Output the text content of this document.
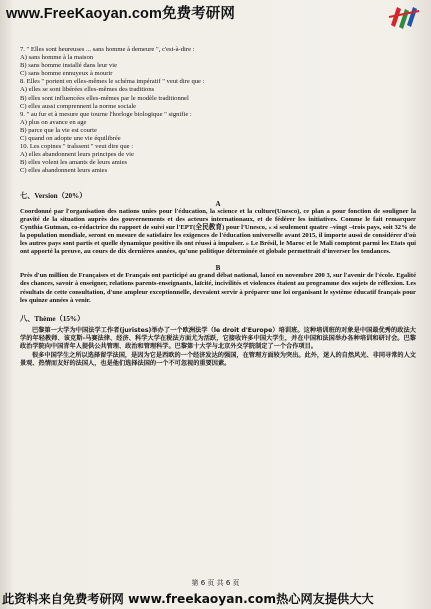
www.FreeKaoyan.com免费考研网

7. " Elles sont heureuses ... sans homme à demeure ", c'est-à-dire :

A) sans homme à la maison

B) sans homme installé dans leur vie

C) sans homme ennuyeux à mourir

8. Elles " portent en elles-mêmes le schéma impératif " veut dire que :

A) elles se sont libérées elles-mêmes des traditions

B) elles sont influencées elles-mêmes par le modèle traditionnel

C) elles aussi comprennent la norme sociale

9. " au fur et à mesure que tourne l'horloge biologique " signifie :

A) plus on avance en age

B) parce que la vie est courte

C) quand on adopte une vie équilibrée

10. Les copines " traîssent " veut dire que :

A) elles abandonnent leurs principes de vie

B) elles volent les amants de leurs amies

C) elles abandonnent leurs amies

七、Version（20%）

A

Coordonné par l'organisation des nations unies pour l'éducation, la science et la culture(Unesco), ce plan a pour fonction de souligner la gravité de la situation auprès des gouvernements et des acteurs internationaux, et de fédérer les initiatives. Comme le fait remarquer Cynthia Gutman, co-rédactrice du rapport de suivi sur l'EPT(全民教育) pour l'Unesco, « si seulement quatre –vingt –trois pays, soit 32% de la population mondiale, seront en mesure de satisfaire les exigences de l'éducation universelle avant 2015, il importe aussi de considérer d'où les autres pays sont partis et quelle dynamique positive ils ont réussi à impulser. » Le Brésil, le Maroc et le Mali comptent parmi les Etats qui ont apporté la preuve, au cours de dix dernières années, qu'une politique déterminée et globale permettrait d'inverser les tendances.

B

Près d'un million de Françaises et de Français ont participé au grand débat national, lancé en novembre 200 3, sur l'avenir de l'école. Egalité des chances, savoir à enseigner, relations parents-enseignants, laïcité, incivilités et violences étaient au programme des sujets de réflexion. Les résultats de cette consultation, d'une ampleur exceptionnelle, devraient servir à préparer une loi organisant le système éducatif français pour les quinze années à venir.

八、Thème（15%）

巴黎第一大学为中国法学工作者(juristes)举办了一个欧洲法学（le droit d'Europe）培训班。这种培训班的对象是中国最优秀的政法大学的年轻教师、该克斯-马赛法律、经济、科学大学在税法方面尤为活跃，它接收许多中国大学生，并在中国和法国举办各种培训和研讨会。巴黎政治学院向中国青年人提供公共管理、政治和管理科学。巴黎第十大学与北京外交学院制定了一个合作项目。

很多中国学生之所以选择留学法国，是因为它是西欧的一个经济发达的强国，在管理方面较为突出。此外，迷人的自然风光、非同寻常的人文景观、热情而友好的法国人，也是他们选择法国的一个不可忽视的重要因素。

第 6 页 共 6 页
此资料来自免费考研网 www.freekaoyan.com热心网友提供大大
